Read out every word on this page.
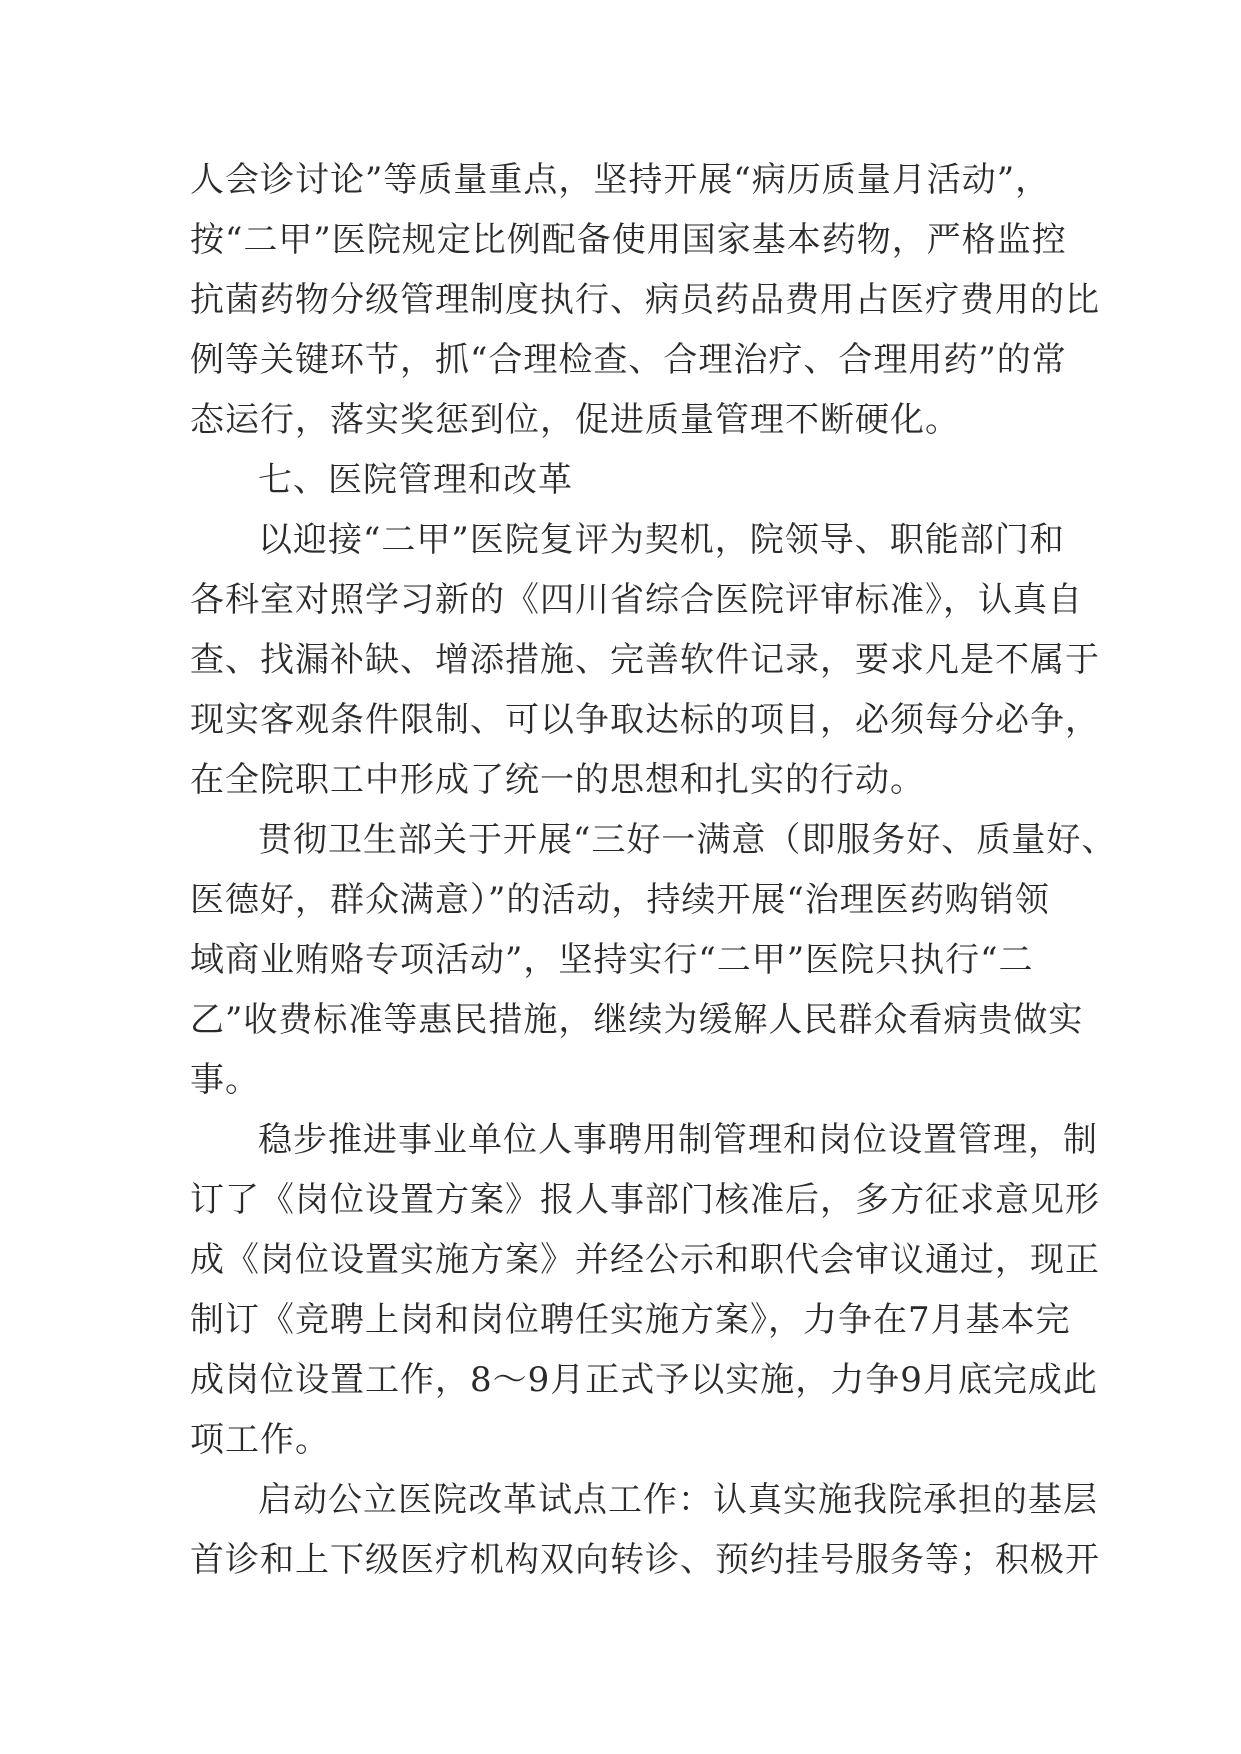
人会诊讨论”等质量重点，坚持开展“病历质量月活动”，
按“二甲”医院规定比例配备使用国家基本药物，严格监控
抗菌药物分级管理制度执行、病员药品费用占医疗费用的比
例等关键环节，抓“合理检查、合理治疗、合理用药”的常
态运行，落实奖惩到位，促进质量管理不断硬化。
七、医院管理和改革
以迎接“二甲”医院复评为契机，院领导、职能部门和
各科室对照学习新的《四川省综合医院评审标准》，认真自
查、找漏补缺、增添措施、完善软件记录，要求凡是不属于
现实客观条件限制、可以争取达标的项目，必须每分必争，
在全院职工中形成了统一的思想和扎实的行动。
贯彻卫生部关于开展“三好一满意（即服务好、质量好、
医德好，群众满意）”的活动，持续开展“治理医药购销领
域商业贿赂专项活动”，坚持实行“二甲”医院只执行“二
乙”收费标准等惠民措施，继续为缓解人民群众看病贵做实
事。
稳步推进事业单位人事聘用制管理和岗位设置管理，制
订了《岗位设置方案》报人事部门核准后，多方征求意见形
成《岗位设置实施方案》并经公示和职代会审议通过，现正
制订《竞聘上岗和岗位聘任实施方案》，力争在7月基本完
成岗位设置工作，8～9月正式予以实施，力争9月底完成此
项工作。
启动公立医院改革试点工作：认真实施我院承担的基层
首诊和上下级医疗机构双向转诊、预约挂号服务等；积极开
